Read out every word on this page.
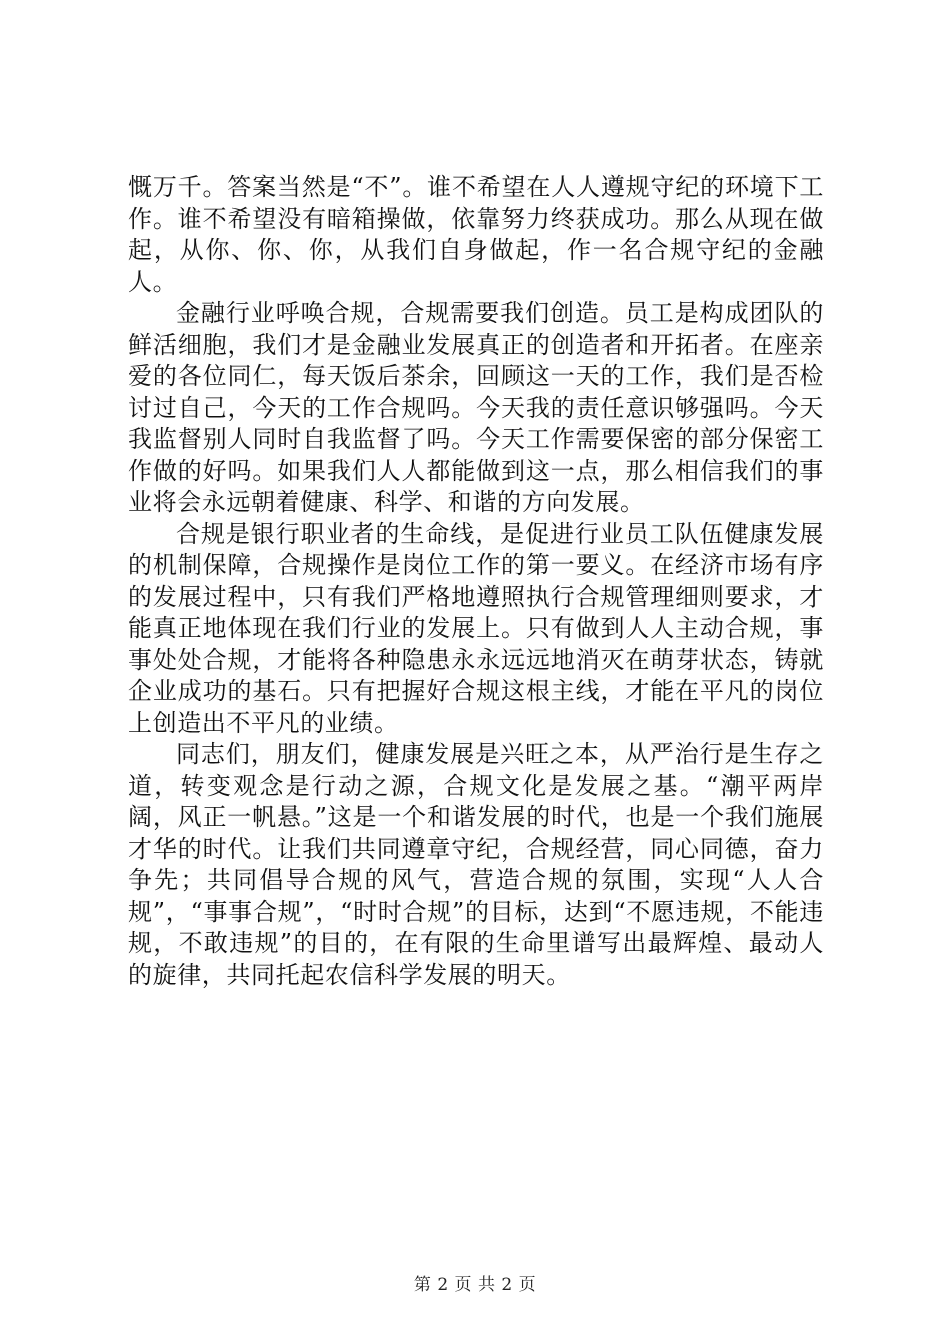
慨万千。答案当然是“不”。谁不希望在人人遵规守纪的环境下工作。谁不希望没有暗箱操做，依靠努力终获成功。那么从现在做起，从你、你、你，从我们自身做起，作一名合规守纪的金融人。

金融行业呼唤合规，合规需要我们创造。员工是构成团队的鲜活细胞，我们才是金融业发展真正的创造者和开拓者。在座亲爱的各位同仁，每天饭后茶余，回顾这一天的工作，我们是否检讨过自己，今天的工作合规吗。今天我的责任意识够强吗。今天我监督别人同时自我监督了吗。今天工作需要保密的部分保密工作做的好吗。如果我们人人都能做到这一点，那么相信我们的事业将会永远朝着健康、科学、和谐的方向发展。

合规是银行职业者的生命线，是促进行业员工队伍健康发展的机制保障，合规操作是岗位工作的第一要义。在经济市场有序的发展过程中，只有我们严格地遵照执行合规管理细则要求，才能真正地体现在我们行业的发展上。只有做到人人主动合规，事事处处合规，才能将各种隐患永永远远地消灭在萌芽状态，铸就企业成功的基石。只有把握好合规这根主线，才能在平凡的岗位上创造出不平凡的业绩。

同志们，朋友们，健康发展是兴旺之本，从严治行是生存之道，转变观念是行动之源，合规文化是发展之基。“潮平两岸阔，风正一帆悬。”这是一个和谐发展的时代，也是一个我们施展才华的时代。让我们共同遵章守纪，合规经营，同心同德，奋力争先；共同倡导合规的风气，营造合规的氛围，实现“人人合规”，“事事合规”，“时时合规”的目标，达到“不愿违规，不能违规，不敢违规”的目的，在有限的生命里谱写出最辉煌、最动人的旋律，共同托起农信科学发展的明天。

第 2 页 共 2 页
